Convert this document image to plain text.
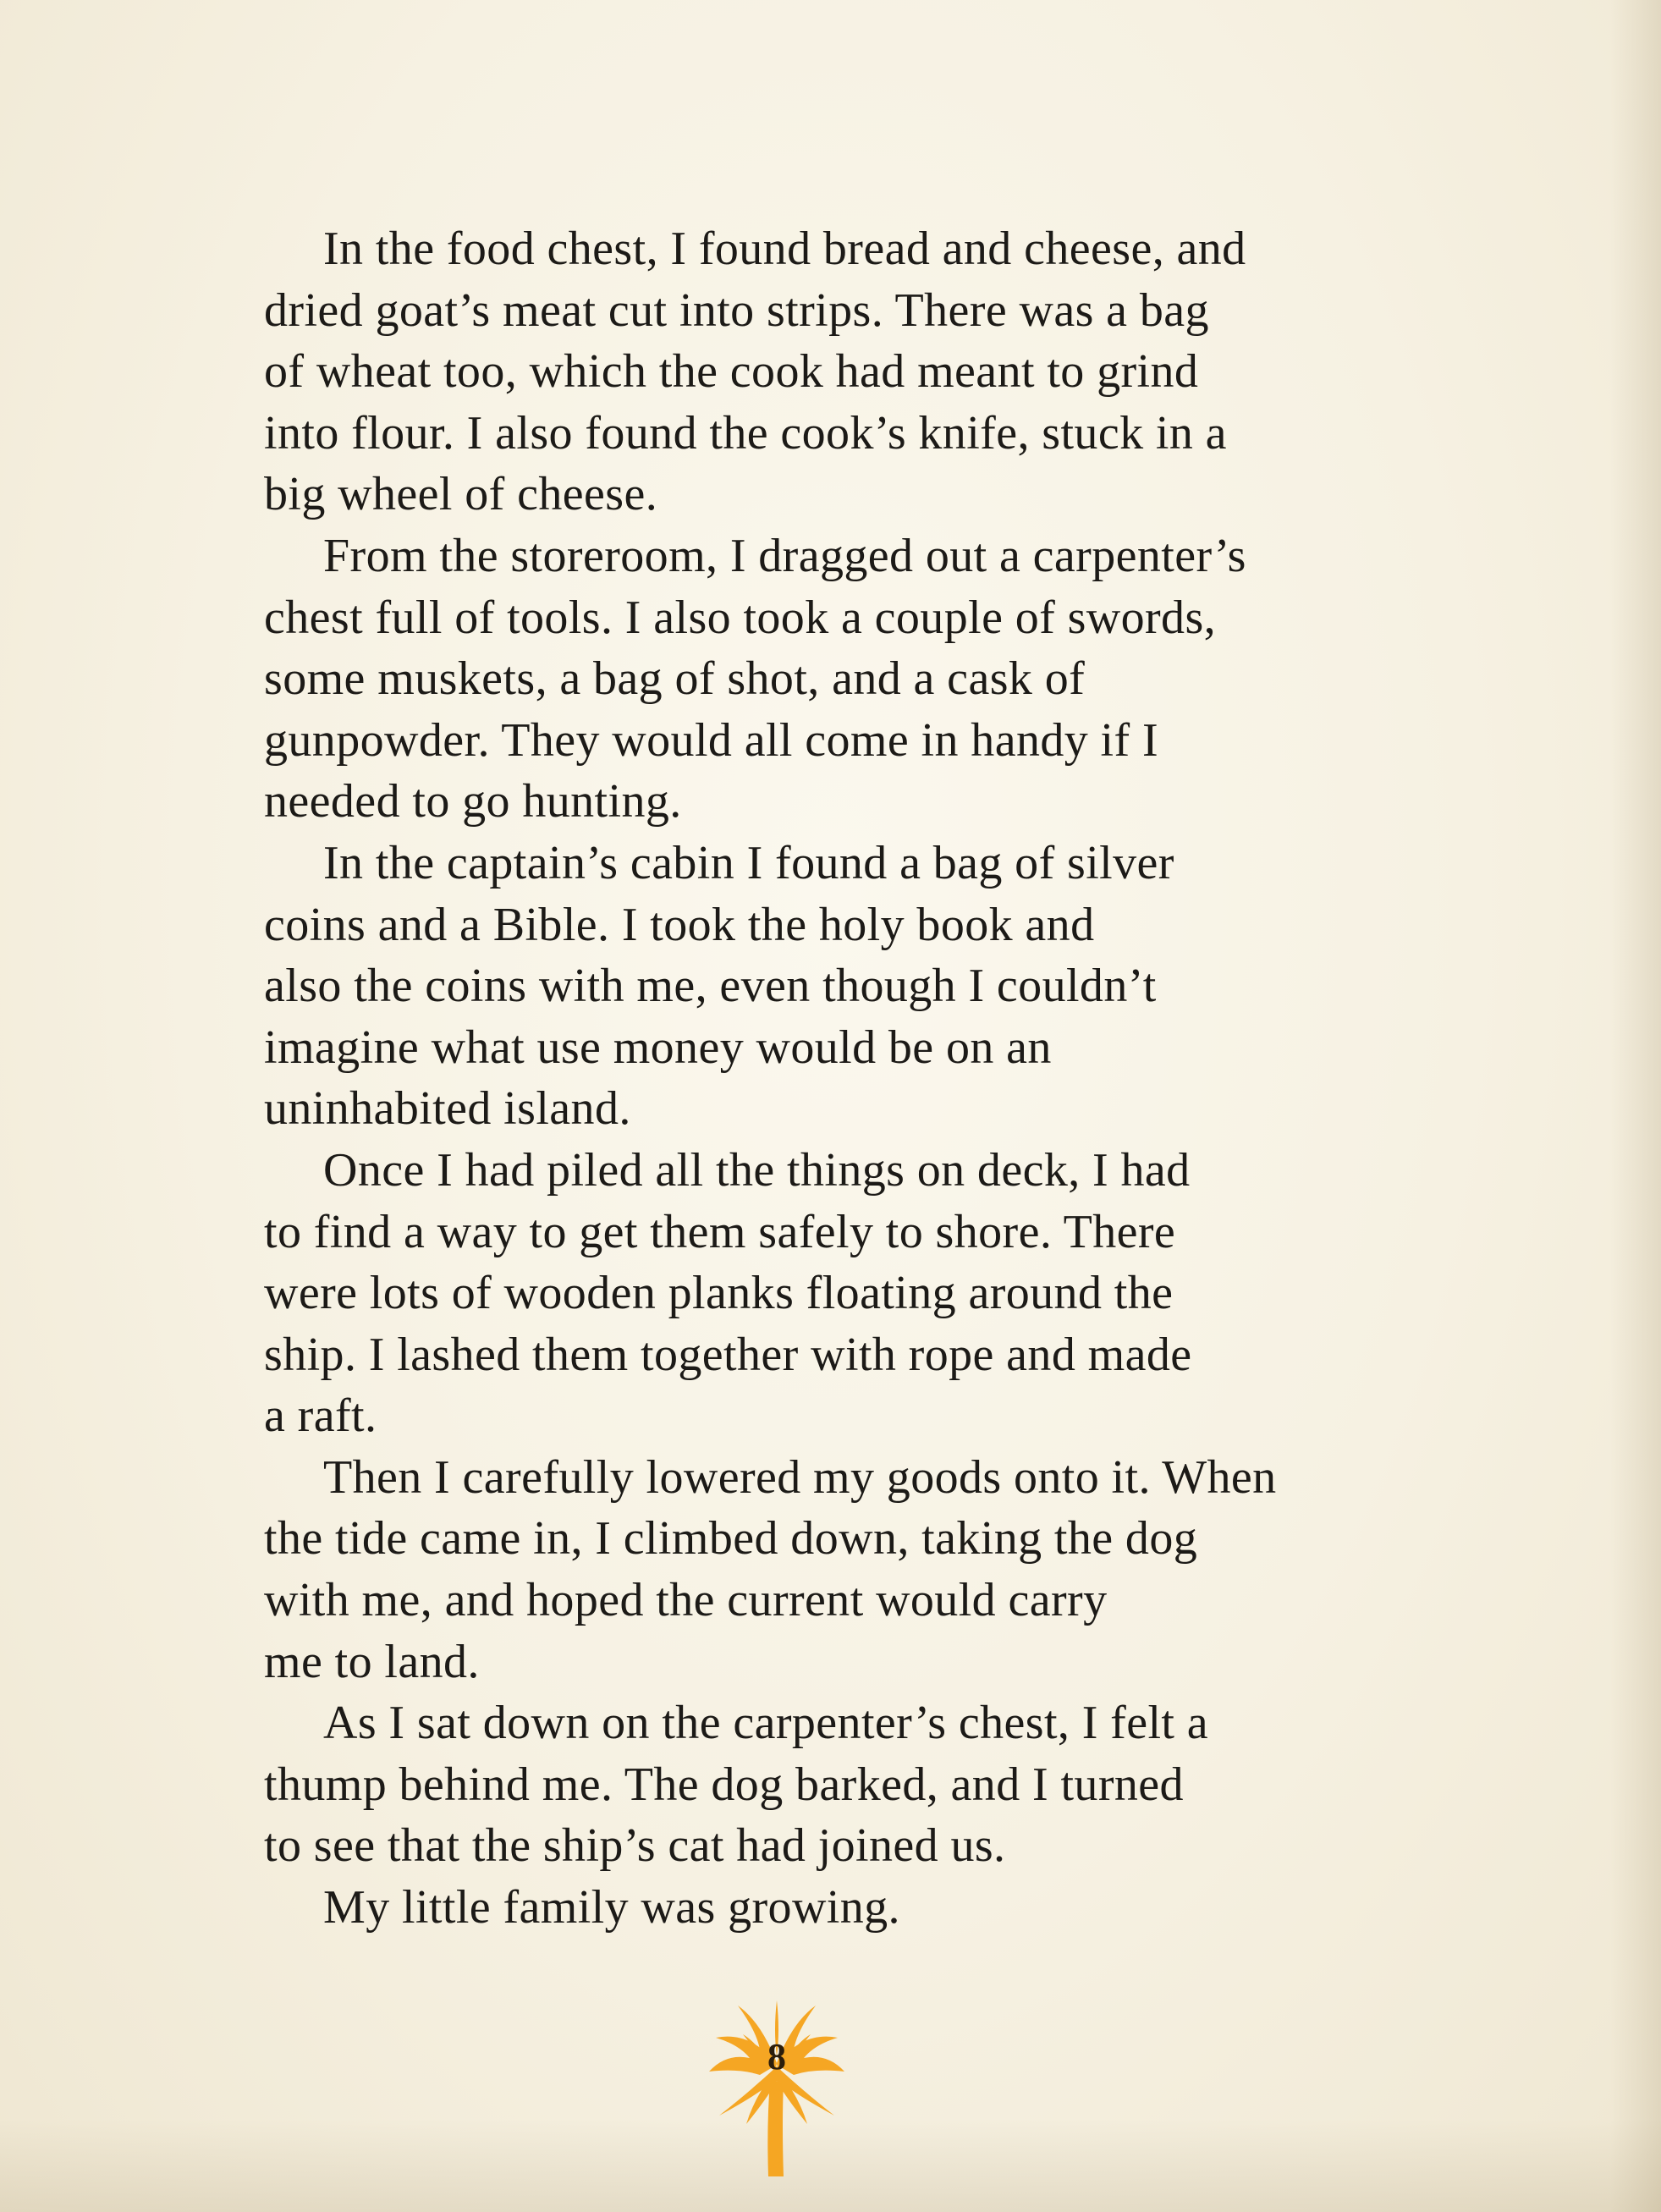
In the food chest, I found bread and cheese, and
dried goat’s meat cut into strips. There was a bag
of wheat too, which the cook had meant to grind
into flour. I also found the cook’s knife, stuck in a
big wheel of cheese.

From the storeroom, I dragged out a carpenter’s
chest full of tools. I also took a couple of swords,
some muskets, a bag of shot, and a cask of
gunpowder. They would all come in handy if I
needed to go hunting.

In the captain’s cabin I found a bag of silver
coins and a Bible. I took the holy book and
also the coins with me, even though I couldn’t
imagine what use money would be on an
uninhabited island.

Once I had piled all the things on deck, I had
to find a way to get them safely to shore. There
were lots of wooden planks floating around the
ship. I lashed them together with rope and made
a raft.

Then I carefully lowered my goods onto it. When
the tide came in, I climbed down, taking the dog
with me, and hoped the current would carry
me to land.

As I sat down on the carpenter’s chest, I felt a
thump behind me. The dog barked, and I turned
to see that the ship’s cat had joined us.

My little family was growing.

8
